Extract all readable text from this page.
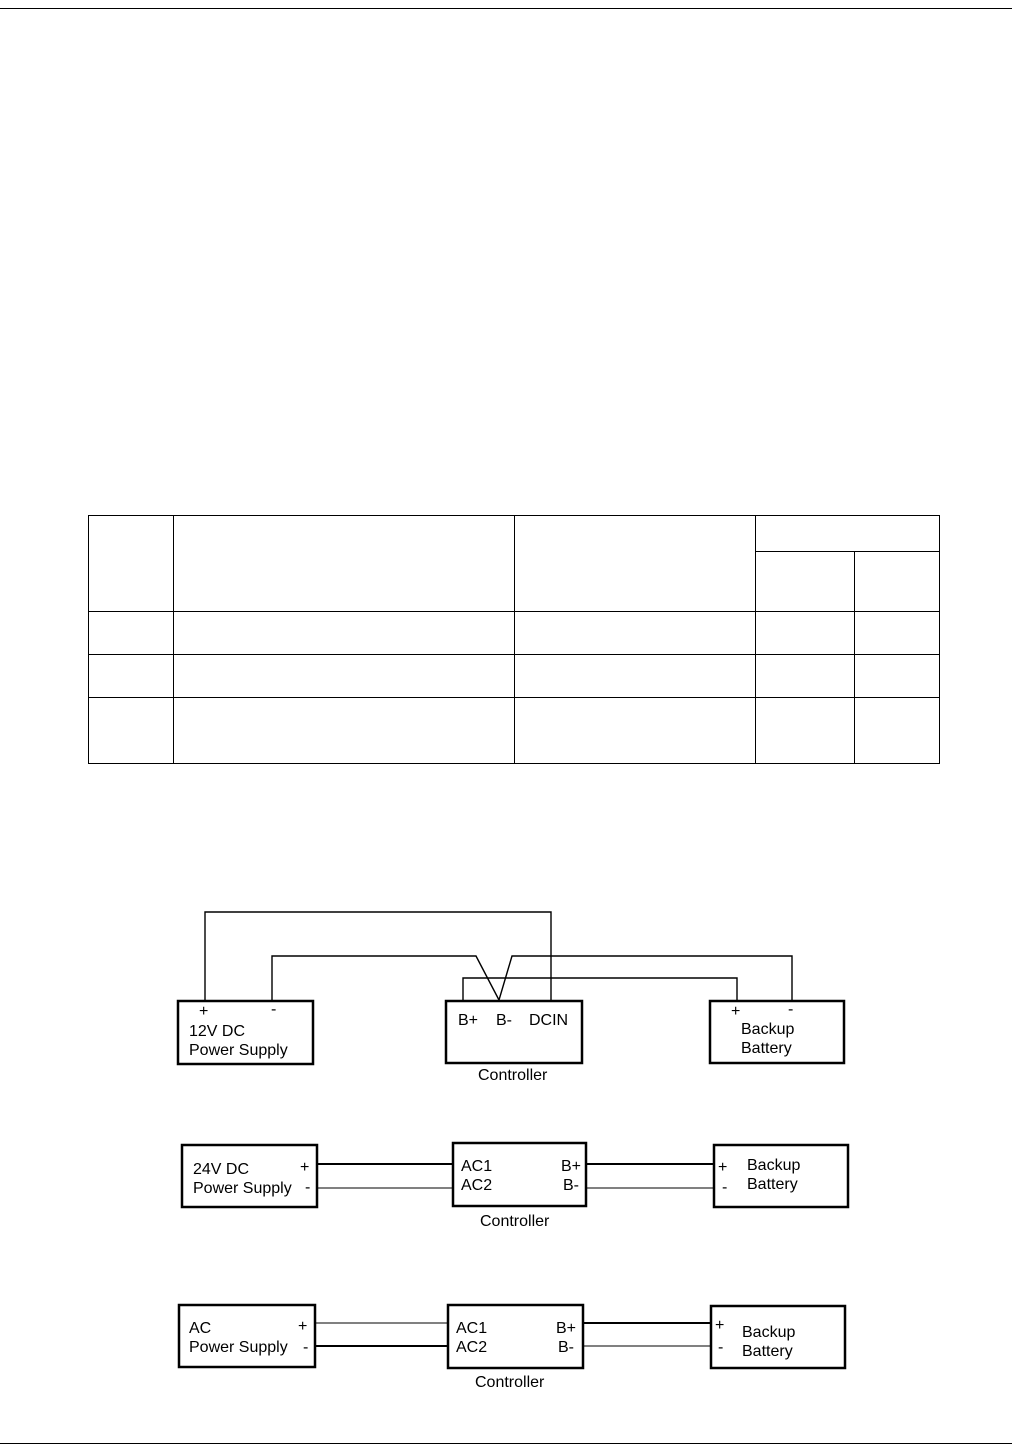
+	-
12V DC
Power Supply
B+ B- DCIN
Controller
+	-
Backup
Battery
24V DC
Power Supply
+
-
AC1
AC2
B+
B-
Controller
+
-
Backup
Battery
AC
Power Supply
+
-
AC1
AC2
B+
B-
Controller
+
-
Backup
Battery
